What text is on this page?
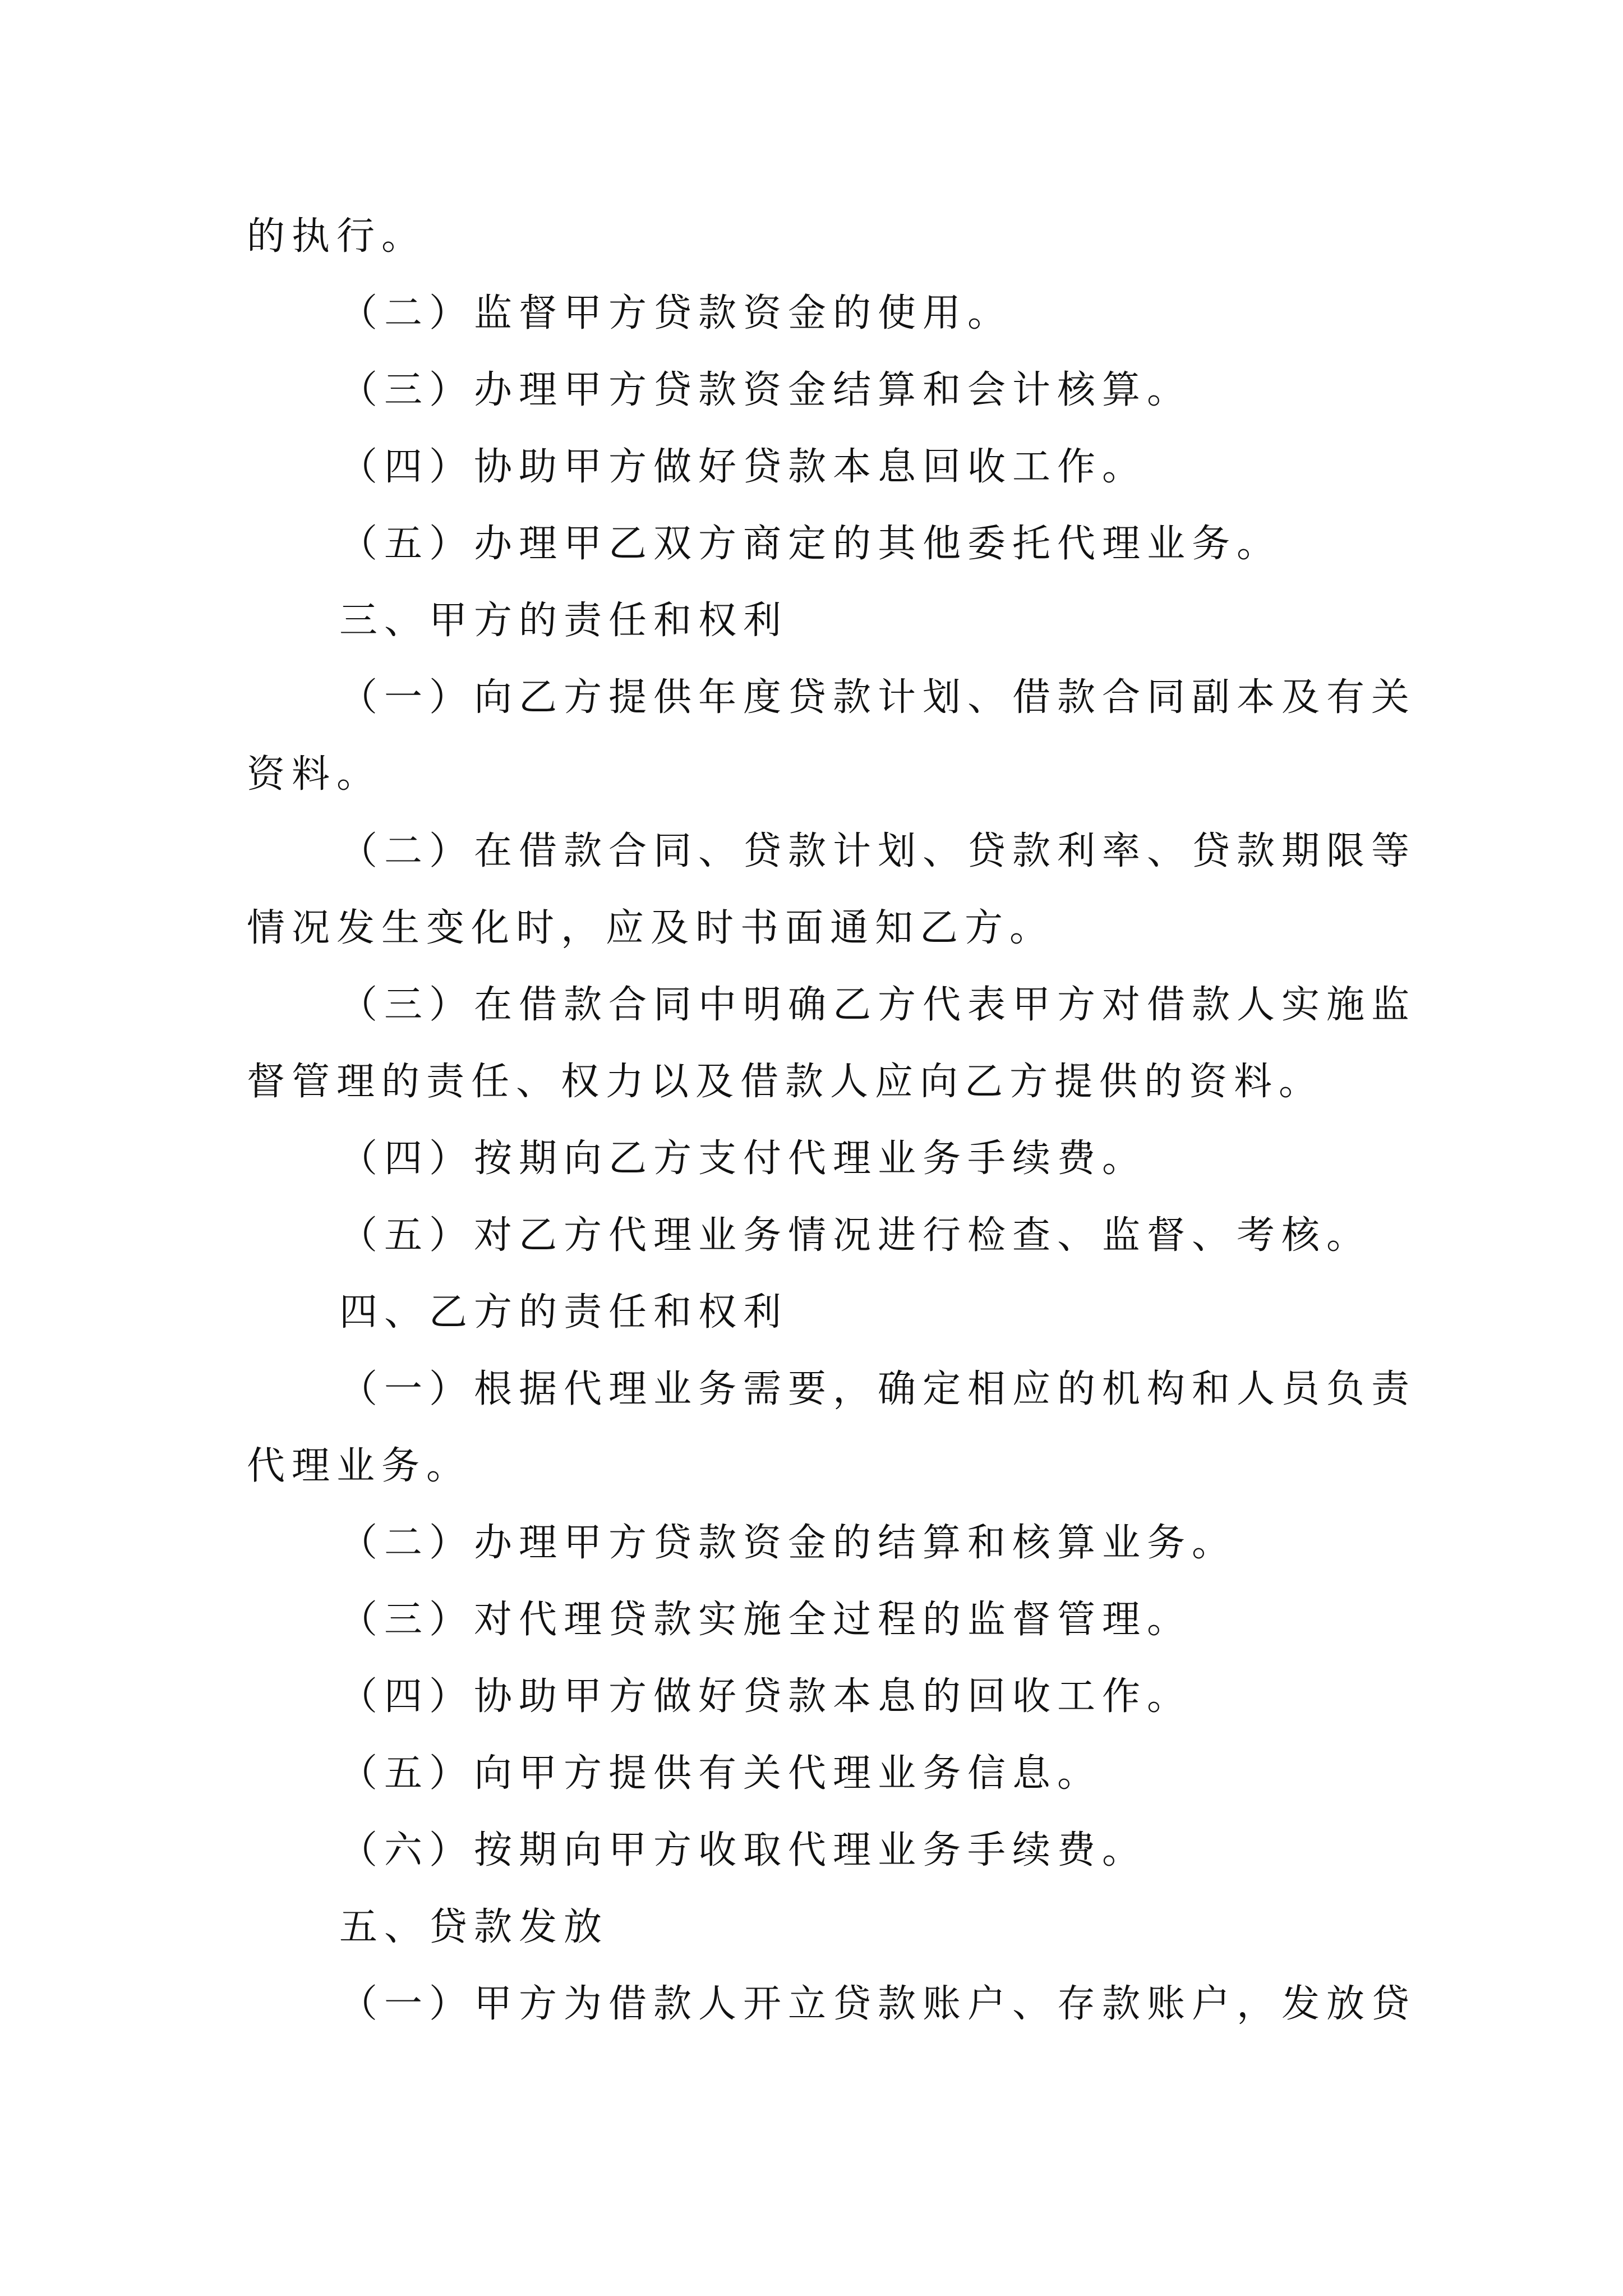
的执行。
（二）监督甲方贷款资金的使用。
（三）办理甲方贷款资金结算和会计核算。
（四）协助甲方做好贷款本息回收工作。
（五）办理甲乙双方商定的其他委托代理业务。
三、甲方的责任和权利
（一）向乙方提供年度贷款计划、借款合同副本及有关
资料。
（二）在借款合同、贷款计划、贷款利率、贷款期限等
情况发生变化时，应及时书面通知乙方。
（三）在借款合同中明确乙方代表甲方对借款人实施监
督管理的责任、权力以及借款人应向乙方提供的资料。
（四）按期向乙方支付代理业务手续费。
（五）对乙方代理业务情况进行检查、监督、考核。
四、乙方的责任和权利
（一）根据代理业务需要，确定相应的机构和人员负责
代理业务。
（二）办理甲方贷款资金的结算和核算业务。
（三）对代理贷款实施全过程的监督管理。
（四）协助甲方做好贷款本息的回收工作。
（五）向甲方提供有关代理业务信息。
（六）按期向甲方收取代理业务手续费。
五、贷款发放
（一）甲方为借款人开立贷款账户、存款账户，发放贷
